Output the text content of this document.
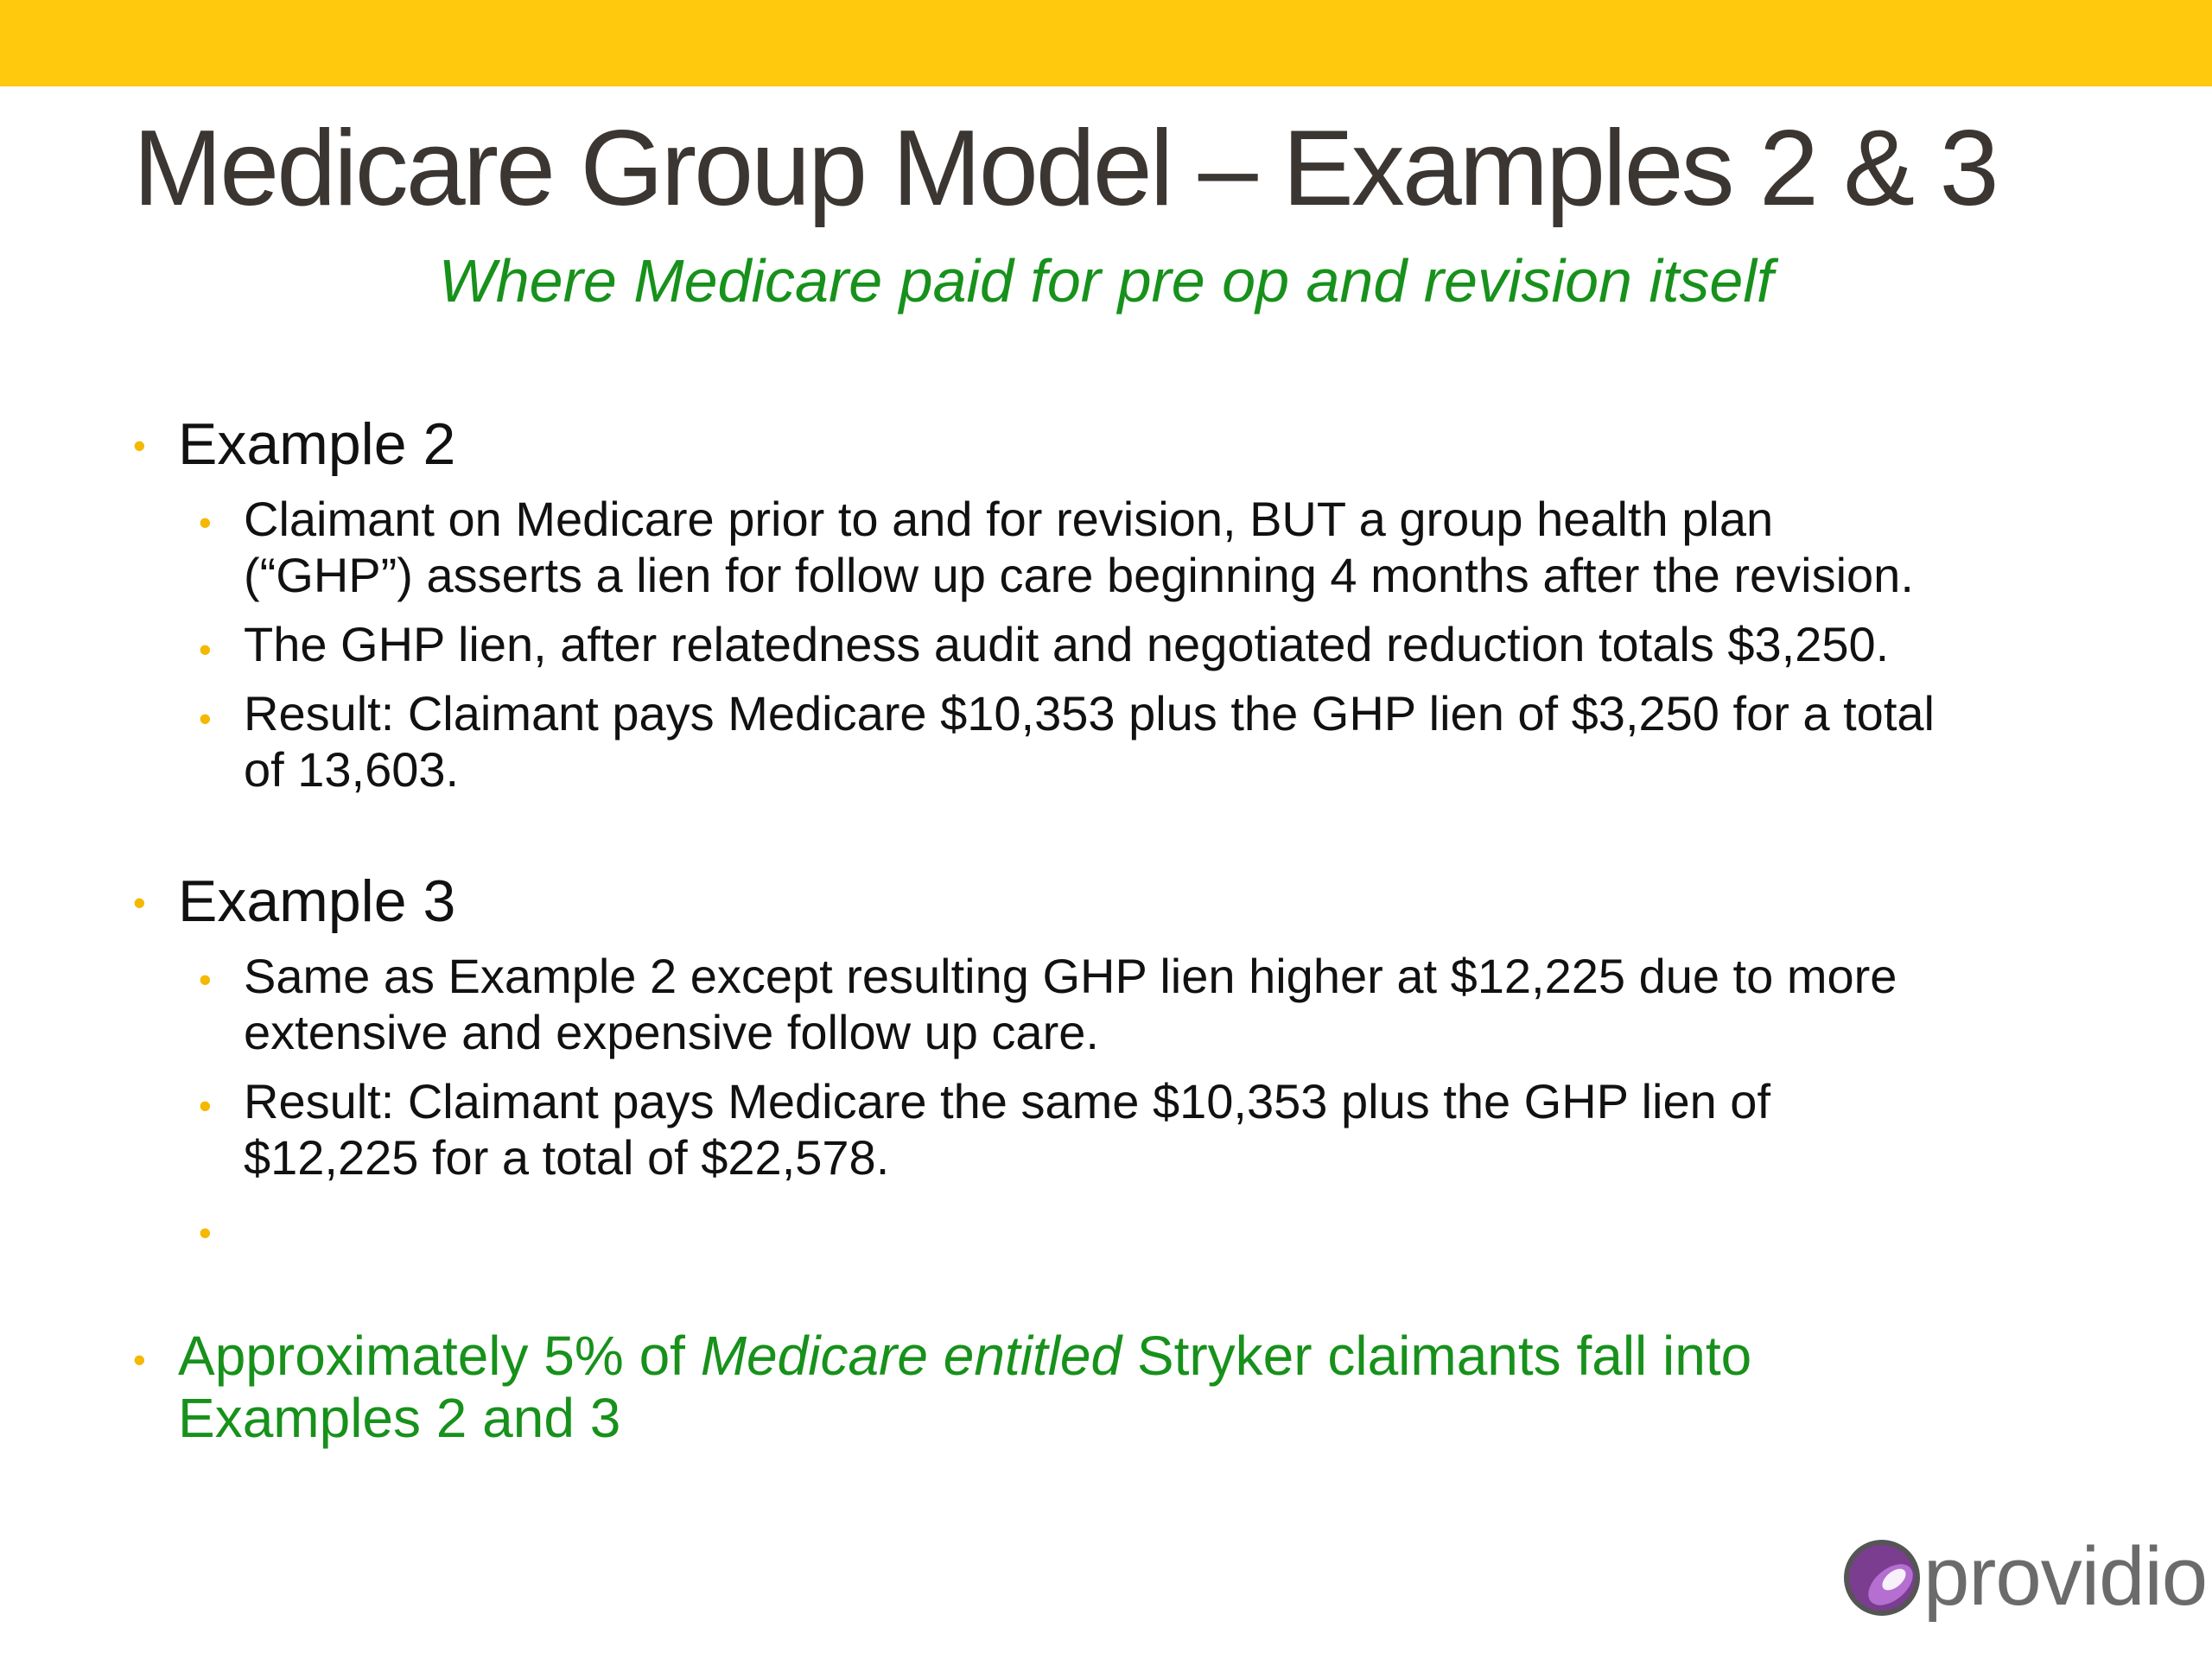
Medicare Group Model – Examples 2 & 3
Where Medicare paid for pre op and revision itself
• Example 2
• Claimant on Medicare prior to and for revision, BUT a group health plan
(“GHP”) asserts a lien for follow up care beginning 4 months after the revision.
• The GHP lien, after relatedness audit and negotiated reduction totals $3,250.
• Result: Claimant pays Medicare $10,353 plus the GHP lien of $3,250 for a total
of 13,603.
• Example 3
• Same as Example 2 except resulting GHP lien higher at $12,225 due to more
extensive and expensive follow up care.
• Result: Claimant pays Medicare the same $10,353 plus the GHP lien of
$12,225 for a total of $22,578.
•
• Approximately 5% of Medicare entitled Stryker claimants fall into
Examples 2 and 3
providio
